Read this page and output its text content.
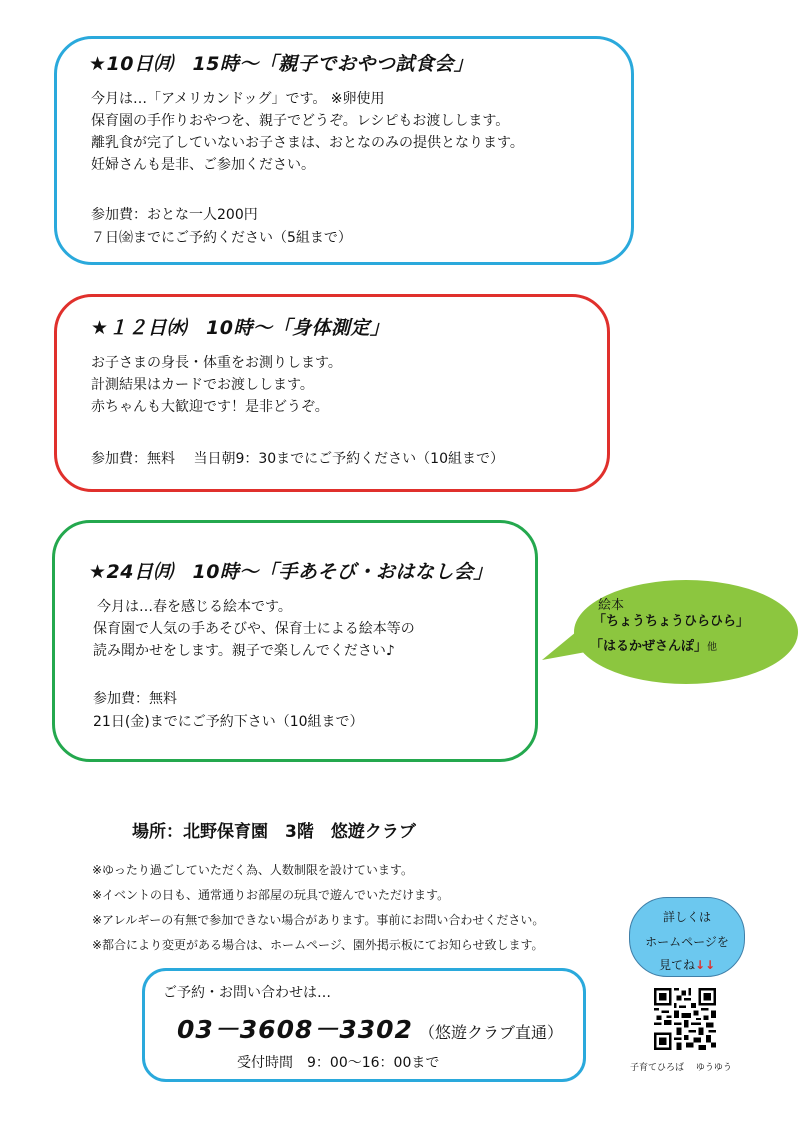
★10日㈪　15時～「親子でおやつ試食会」
今月は…「アメリカンドッグ」です。 ※卵使用
保育園の手作りおやつを、親子でどうぞ。レシピもお渡しします。
離乳食が完了していないお子さまは、おとなのみの提供となります。
妊婦さんも是非、ご参加ください。
参加費：おとな一人200円
７日㈮までにご予約ください（5組まで）
★１２日㈬　10時～「身体測定」
お子さまの身長・体重をお測りします。
計測結果はカードでお渡しします。
赤ちゃんも大歓迎です！是非どうぞ。
参加費：無料　 当日朝9：30までにご予約ください（10組まで）
★24日㈪　10時～「手あそび・おはなし会」
今月は…春を感じる絵本です。
保育園で人気の手あそびや、保育士による絵本等の
読み聞かせをします。親子で楽しんでください♪
参加費：無料
21日(金)までにご予約下さい（10組まで）
絵本
「ちょうちょうひらひら」
「はるかぜさんぽ」他
場所：北野保育園　3階　悠遊クラブ
※ゆったり過ごしていただく為、人数制限を設けています。
※イベントの日も、通常通りお部屋の玩具で遊んでいただけます。
※アレルギーの有無で参加できない場合があります。事前にお問い合わせください。
※都合により変更がある場合は、ホームページ、園外掲示板にてお知らせ致します。
詳しくは
ホームページを
見てね↓↓
子育てひろば　 ゆうゆう
ご予約・お問い合わせは…
03－3608－3302 （悠遊クラブ直通）
受付時間　9：00～16：00まで
